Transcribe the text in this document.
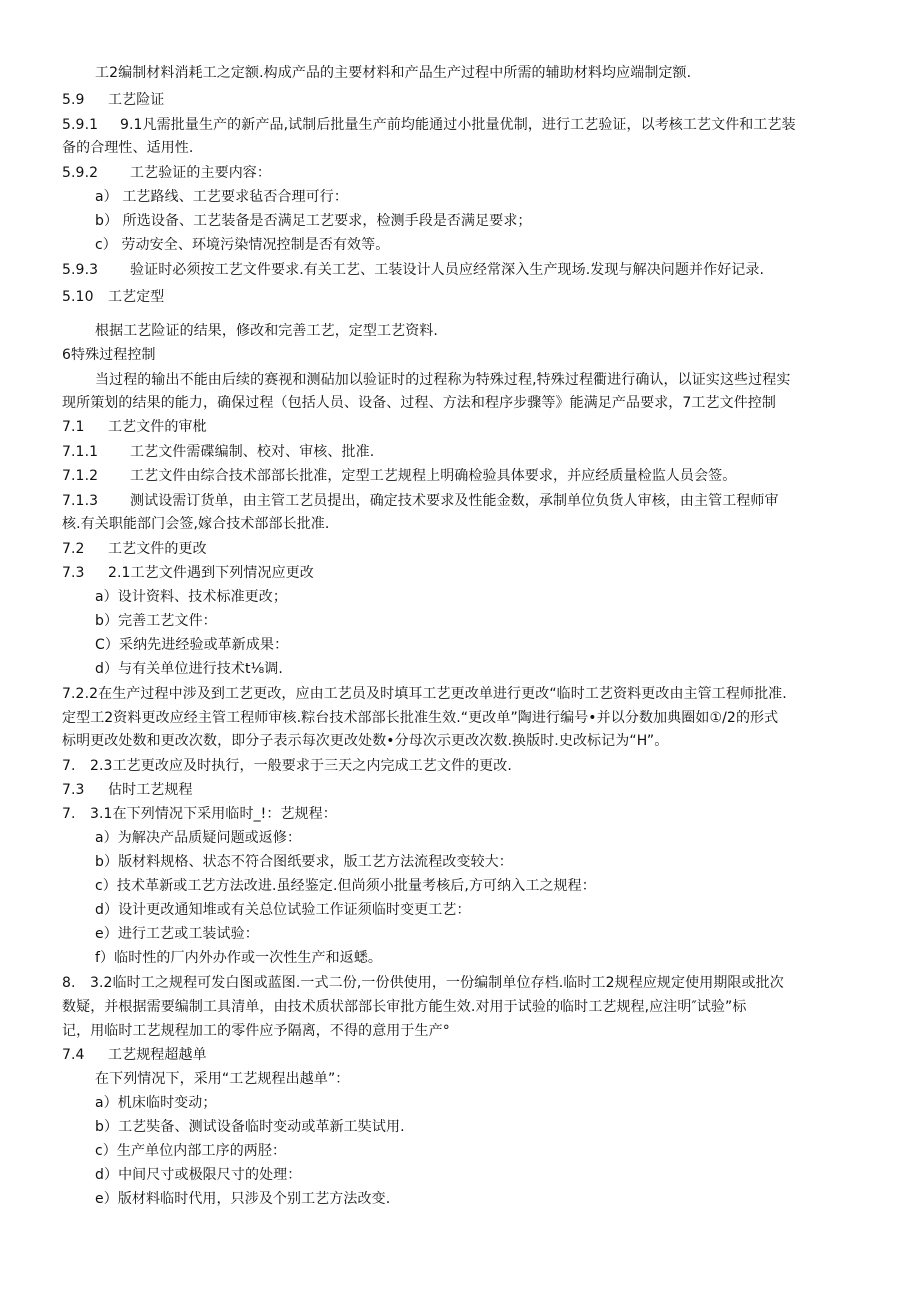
工2编制材料消耗工之定额.构成产品的主要材料和产品生产过程中所需的辅助材料均应端制定额.
5.9 工艺险证
5.9.1 9.1凡需批量生产的新产品,试制后批量生产前均能通过小批量优制，进行工艺验证，以考核工艺文件和工艺装
备的合理性、适用性.
5.9.2 工艺验证的主要内容：
a） 工艺路线、工艺要求毡否合理可行：
b） 所选设备、工艺装备是否满足工艺要求，检测手段是否满足要求；
c） 劳动安全、环境污染情况控制是否有效等。
5.9.3 验证时必须按工艺文件要求.有关工艺、工装设计人员应经常深入生产现场.发现与解决问题并作好记录.
5.10 工艺定型
根据工艺险证的结果，修改和完善工艺，定型工艺资料.
6特殊过程控制
当过程的输出不能由后续的赛视和测砧加以验证时的过程称为特殊过程,特殊过程衢进行确认，以证实这些过程实
现所策划的结果的能力，确保过程（包括人员、设备、过程、方法和程序步骤等》能满足产品要求，7工艺文件控制
7.1 工艺文件的审枇
7.1.1 工艺文件需碟编制、校对、审核、批准.
7.1.2 工艺文件由综合技术部部长批准，定型工艺规程上明确检验具体要求，并应经质量检监人员会签。
7.1.3 测试设需订货单，由主管工艺员提出，确定技术要求及性能金数，承制单位负货人审核，由主管工程师审
核.有关职能部门会签,嫁合技术部部长批准.
7.2 工艺文件的更改
7.3 2.1工艺文件遇到下列情况应更改
a）设计资料、技术标准更改；
b）完善工艺文件：
C）采纳先进经验或革新成果：
d）与有关单位进行技术t⅛调.
7.2.2在生产过程中涉及到工艺更改，应由工艺员及时填耳工艺更改单进行更改“临时工艺资料更改由主管工程师批准.
定型工2资料更改应经主管工程师审核.粽台技术部部长批准生效.“更改单”陶进行编号•并以分数加典圈如①/2的形式
标明更改处数和更改次数，即分子表示每次更改处数•分母次示更改次数.换版时.史改标记为“H”。
7. 2.3工艺更改应及时执行，一般要求于三天之内完成工艺文件的更改.
7.3 估时工艺规程
7. 3.1在下列情况下采用临时_!：艺规程：
a）为解决产品质疑问题或返修：
b）版材料规格、状态不符合图纸要求，版工艺方法流程改变较大：
c）技术革新或工艺方法改进.虽经鉴定.但尚须小批量考核后,方可纳入工之规程：
d）设计更改通知堆或有关总位试验工作证须临时变更工艺：
e）进行工艺或工装试验：
f）临时性的厂内外办作或一次性生产和返蟋。
8. 3.2临时工之规程可发白图或蓝图.一式二份,一份供使用，一份编制单位存档.临时工2规程应规定使用期限或批次
数疑，并根据需要编制工具清单，由技术质状部部长审批方能生效.对用于试验的临时工艺规程,应注明″试验”标
记，用临时工艺规程加工的零件应予隔离，不得的意用于生产°
7.4 工艺规程超越单
在下列情况下，采用“工艺规程出越单”：
a）机床临时变动；
b）工艺奘备、测试设备临时变动或革新工奘试用.
c）生产单位内部工序的两胫：
d）中间尺寸或极限尺寸的处理：
e）版材料临时代用，只涉及个别工艺方法改变.
